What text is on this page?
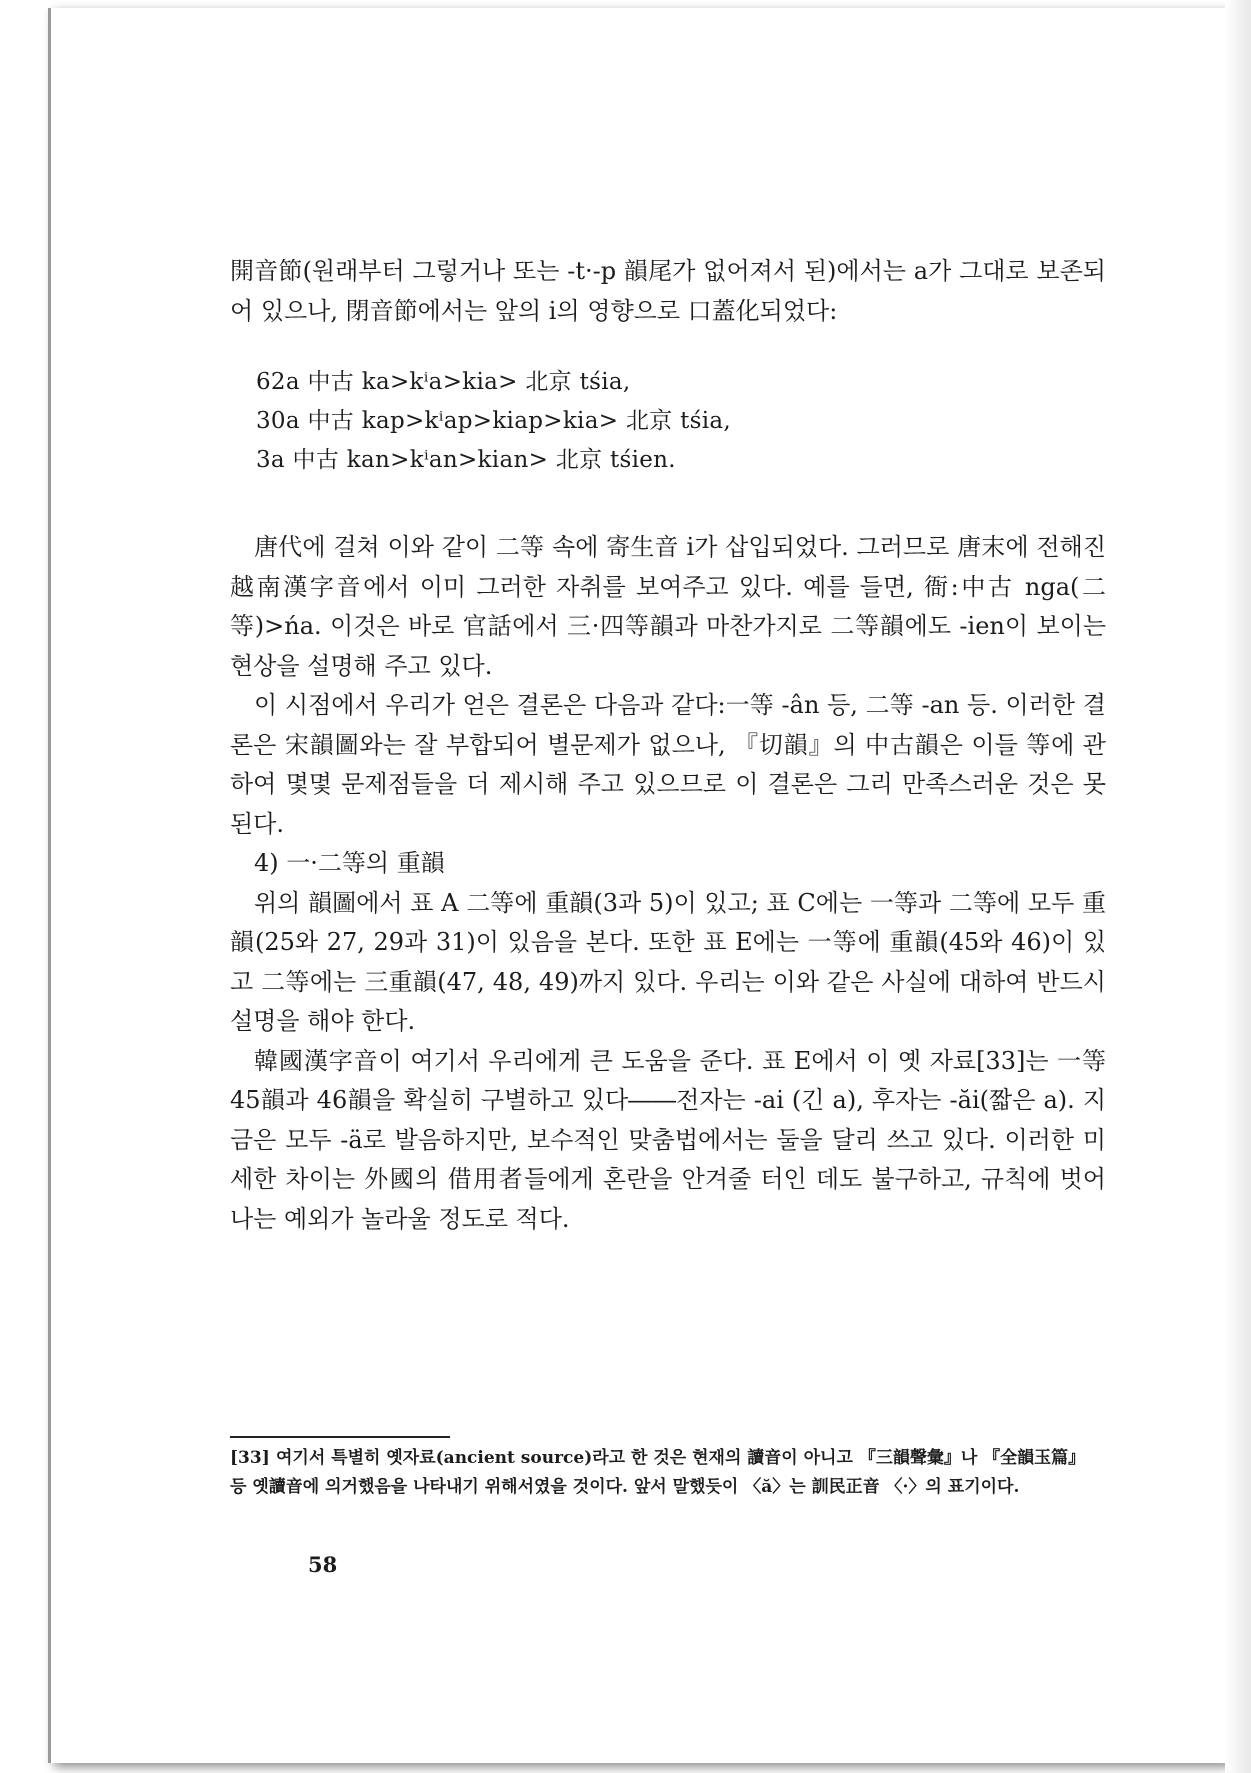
開音節(원래부터 그렇거나 또는 -t·-p 韻尾가 없어져서 된)에서는 a가 그대로 보존되어 있으나, 閉音節에서는 앞의 i의 영향으로 口蓋化되었다:

62a 中古 ka>kⁱa>kia> 北京 tśia,

30a 中古 kap>kⁱap>kiap>kia> 北京 tśia,

3a 中古 kan>kⁱan>kian> 北京 tśien.

唐代에 걸쳐 이와 같이 二等 속에 寄生音 i가 삽입되었다. 그러므로 唐末에 전해진 越南漢字音에서 이미 그러한 자취를 보여주고 있다. 예를 들면, 衙:中古 nga(二等)>ńa. 이것은 바로 官話에서 三·四等韻과 마찬가지로 二等韻에도 -ien이 보이는 현상을 설명해 주고 있다.

이 시점에서 우리가 얻은 결론은 다음과 같다:一等 -ân 등, 二等 -an 등. 이러한 결론은 宋韻圖와는 잘 부합되어 별문제가 없으나, 『切韻』의 中古韻은 이들 等에 관하여 몇몇 문제점들을 더 제시해 주고 있으므로 이 결론은 그리 만족스러운 것은 못 된다.

4) 一·二等의 重韻

위의 韻圖에서 표 A 二等에 重韻(3과 5)이 있고; 표 C에는 一等과 二等에 모두 重韻(25와 27, 29과 31)이 있음을 본다. 또한 표 E에는 一等에 重韻(45와 46)이 있고 二等에는 三重韻(47, 48, 49)까지 있다. 우리는 이와 같은 사실에 대하여 반드시 설명을 해야 한다.

韓國漢字音이 여기서 우리에게 큰 도움을 준다. 표 E에서 이 옛 자료[33]는 一等 45韻과 46韻을 확실히 구별하고 있다――전자는 -ai (긴 a), 후자는 -ăi(짧은 a). 지금은 모두 -ä로 발음하지만, 보수적인 맞춤법에서는 둘을 달리 쓰고 있다. 이러한 미세한 차이는 外國의 借用者들에게 혼란을 안겨줄 터인 데도 불구하고, 규칙에 벗어나는 예외가 놀라울 정도로 적다.

[33] 여기서 특별히 옛자료(ancient source)라고 한 것은 현재의 讀音이 아니고 『三韻聲彙』나 『全韻玉篇』 등 옛讀音에 의거했음을 나타내기 위해서였을 것이다. 앞서 말했듯이 〈ă〉는 訓民正音 〈·〉의 표기이다.
58
